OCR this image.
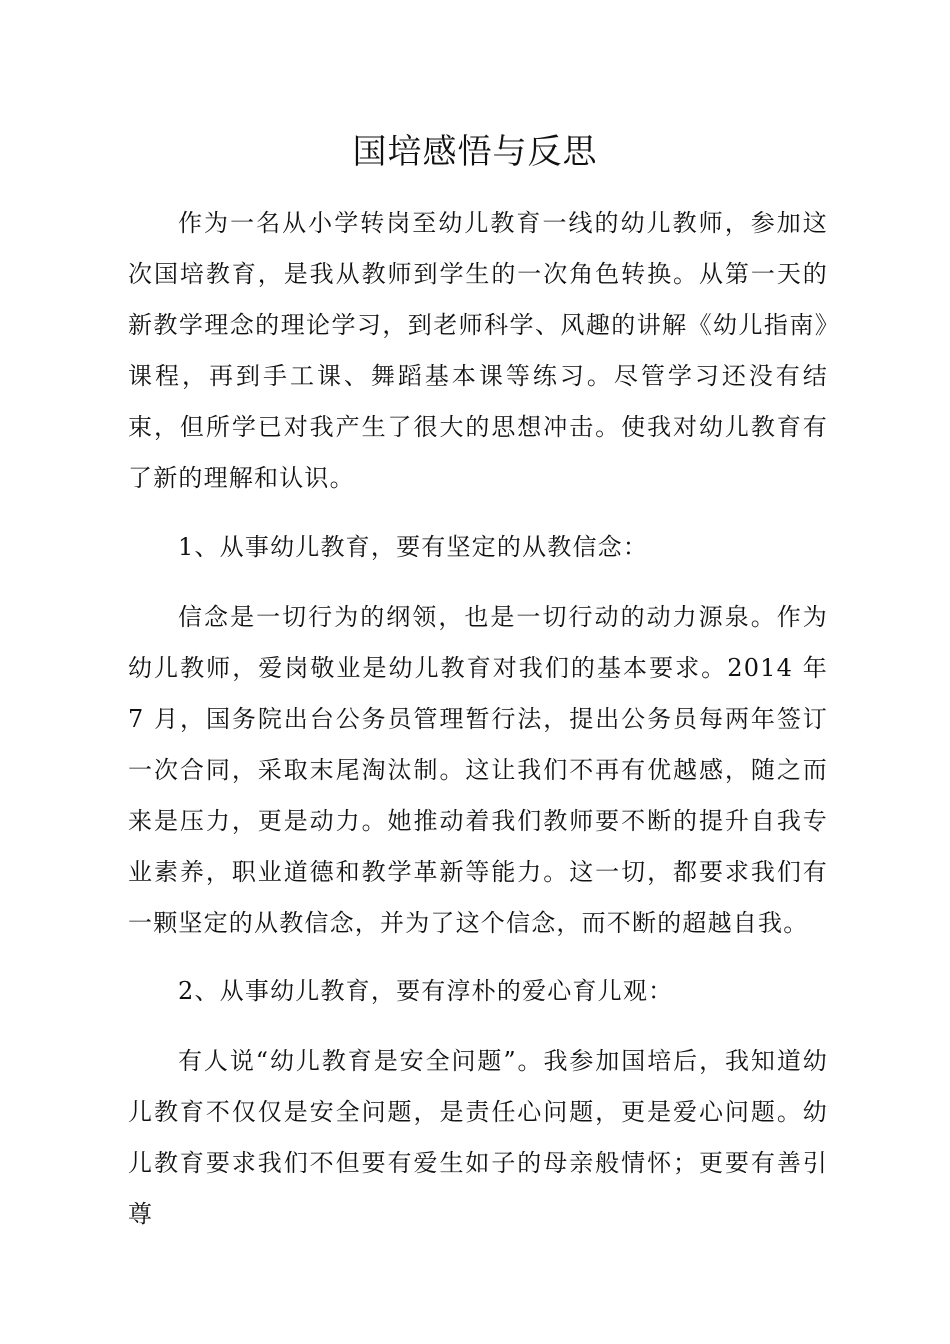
国培感悟与反思

作为一名从小学转岗至幼儿教育一线的幼儿教师，参加这次国培教育，是我从教师到学生的一次角色转换。从第一天的新教学理念的理论学习，到老师科学、风趣的讲解《幼儿指南》课程，再到手工课、舞蹈基本课等练习。尽管学习还没有结束，但所学已对我产生了很大的思想冲击。使我对幼儿教育有了新的理解和认识。

1、从事幼儿教育，要有坚定的从教信念：

信念是一切行为的纲领，也是一切行动的动力源泉。作为幼儿教师，爱岗敬业是幼儿教育对我们的基本要求。2014 年 7 月，国务院出台公务员管理暂行法，提出公务员每两年签订一次合同，采取末尾淘汰制。这让我们不再有优越感，随之而来是压力，更是动力。她推动着我们教师要不断的提升自我专业素养，职业道德和教学革新等能力。这一切，都要求我们有一颗坚定的从教信念，并为了这个信念，而不断的超越自我。

2、从事幼儿教育，要有淳朴的爱心育儿观：

有人说“幼儿教育是安全问题”。我参加国培后，我知道幼儿教育不仅仅是安全问题，是责任心问题，更是爱心问题。幼儿教育要求我们不但要有爱生如子的母亲般情怀；更要有善引尊
